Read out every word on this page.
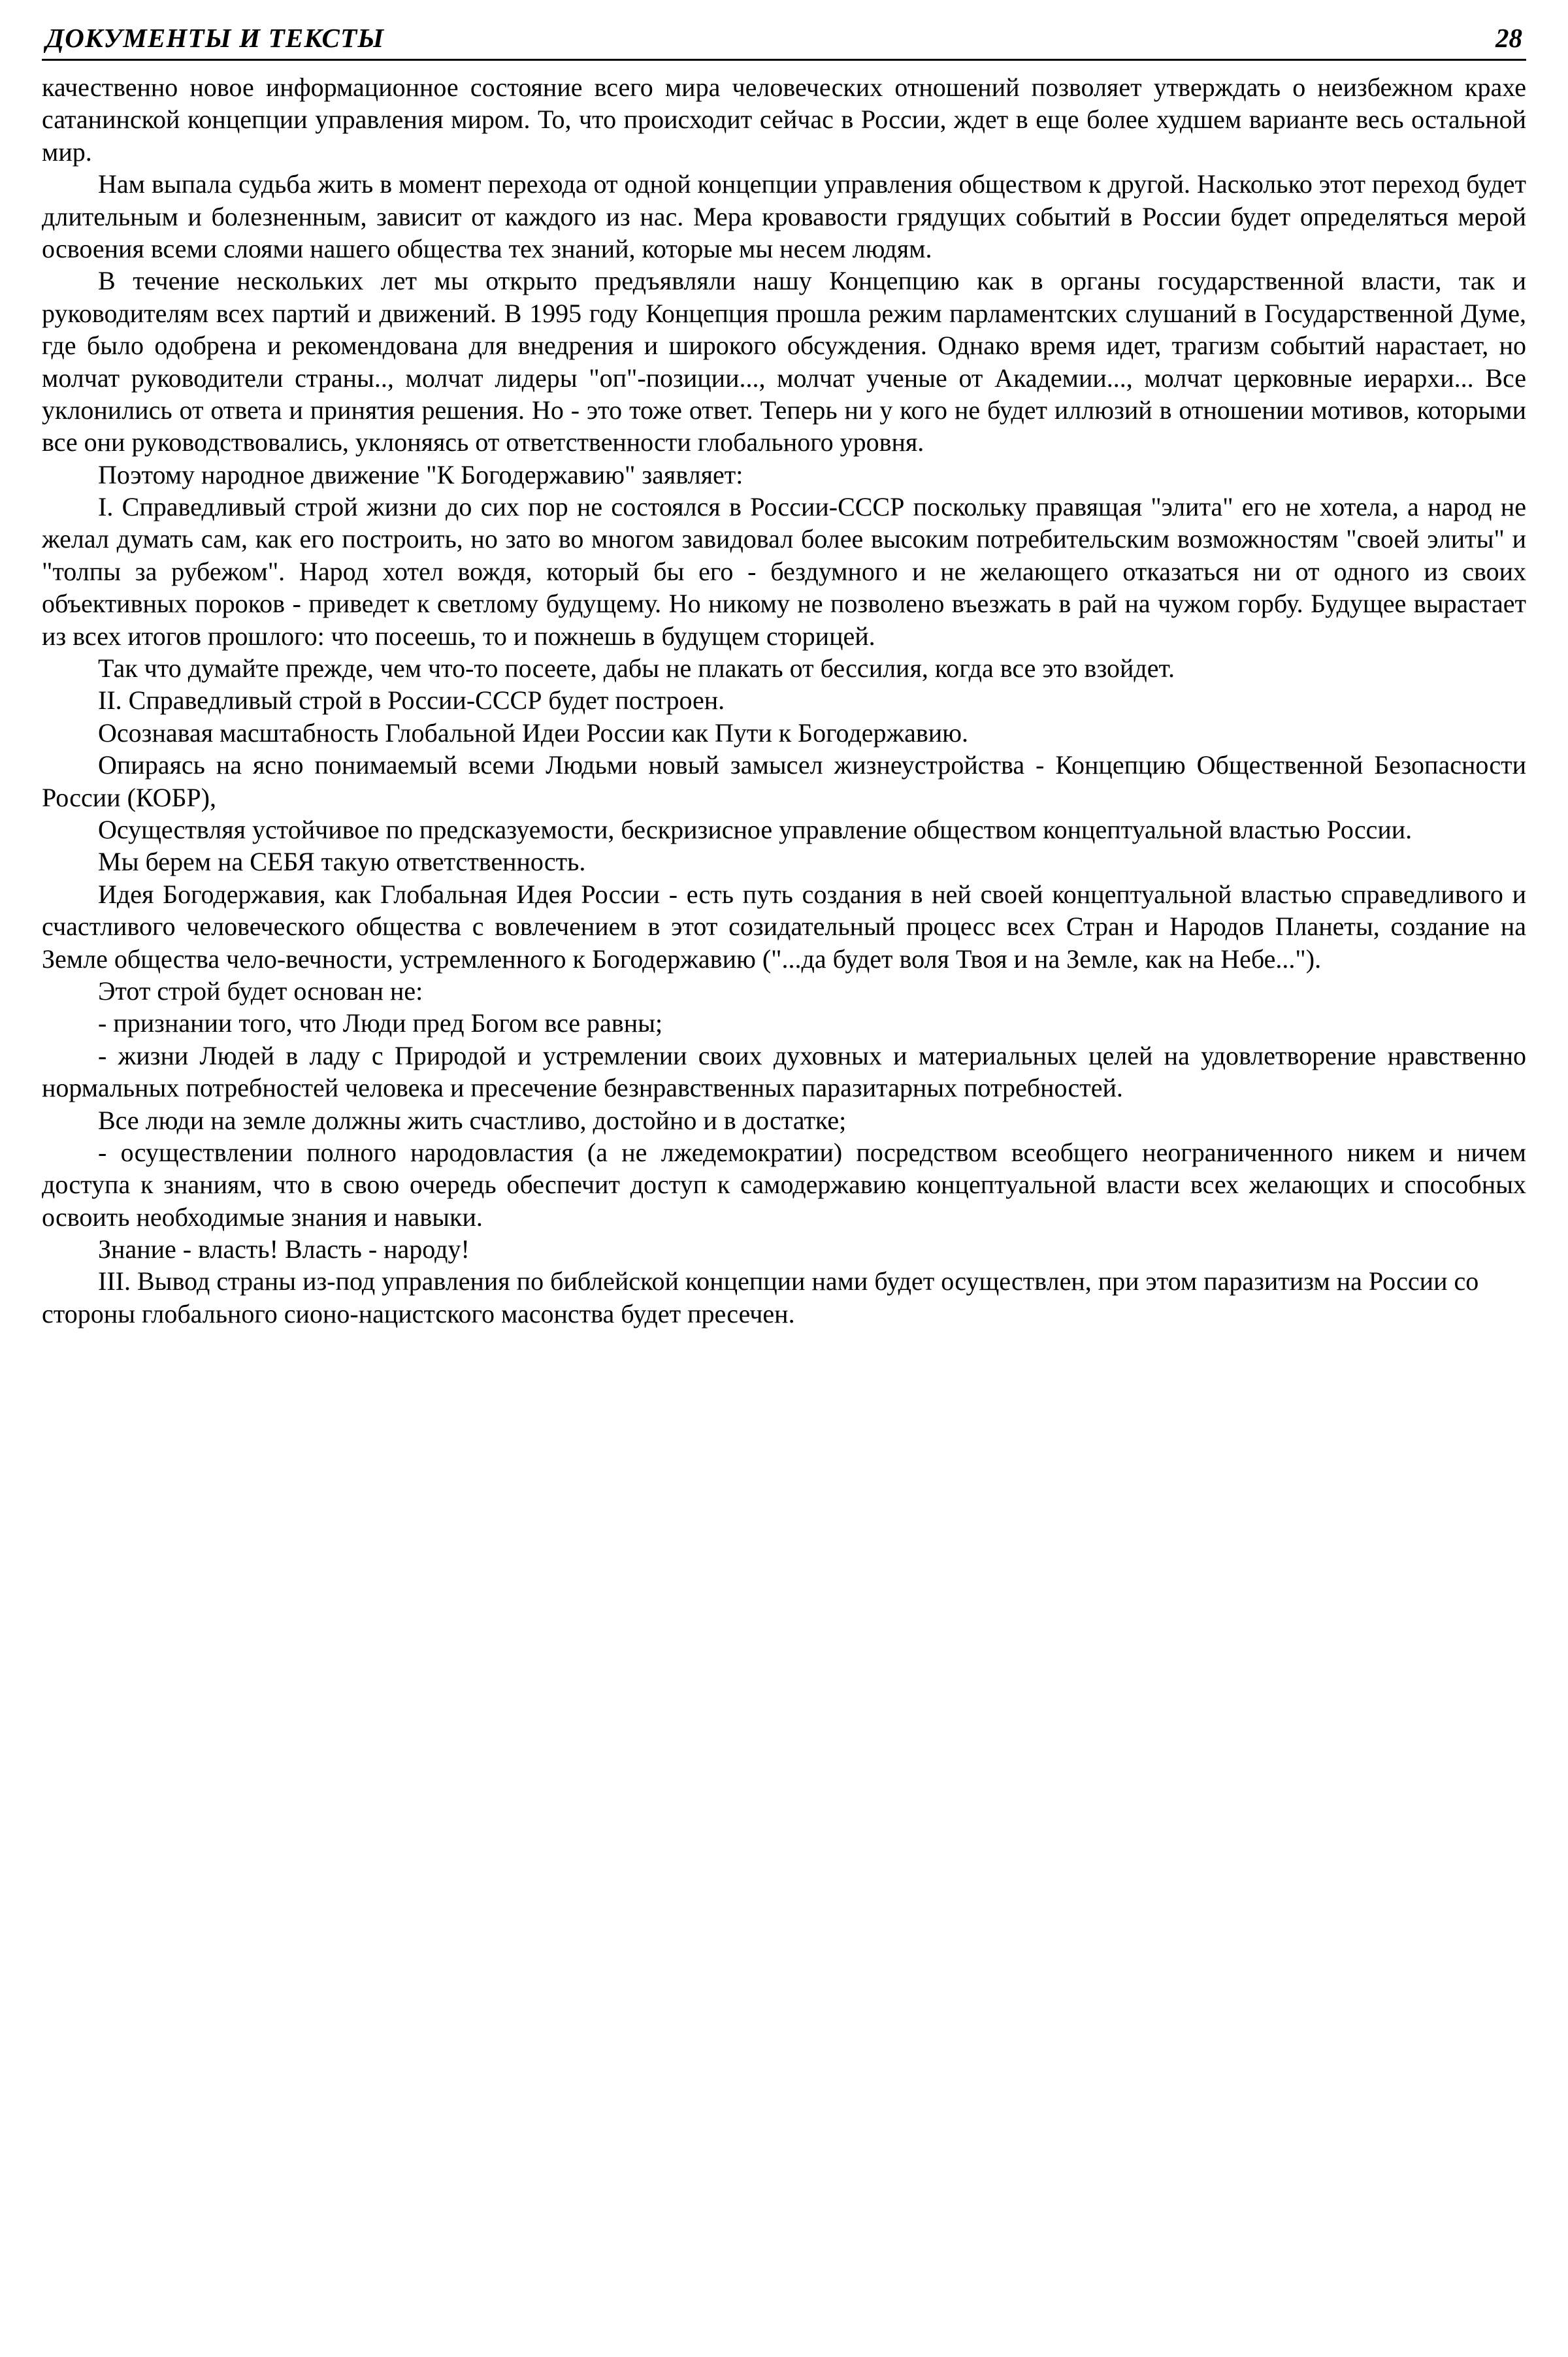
ДОКУМЕНТЫ И ТЕКСТЫ	28

качественно новое информационное состояние всего мира человеческих отношений позволяет утверждать о неизбежном крахе сатанинской концепции управления миром. То, что происходит сейчас в России, ждет в еще более худшем варианте весь остальной мир.

Нам выпала судьба жить в момент перехода от одной концепции управления обществом к другой. Насколько этот переход будет длительным и болезненным, зависит от каждого из нас. Мера кровавости грядущих событий в России будет определяться мерой освоения всеми слоями нашего общества тех знаний, которые мы несем людям.

В течение нескольких лет мы открыто предъявляли нашу Концепцию как в органы государственной власти, так и руководителям всех партий и движений. В 1995 году Концепция прошла режим парламентских слушаний в Государственной Думе, где было одобрена и рекомендована для внедрения и широкого обсуждения. Однако время идет, трагизм событий нарастает, но молчат руководители страны.., молчат лидеры "оп"-позиции..., молчат ученые от Академии..., молчат церковные иерархи... Все уклонились от ответа и принятия решения. Но - это тоже ответ. Теперь ни у кого не будет иллюзий в отношении мотивов, которыми все они руководствовались, уклоняясь от ответственности глобального уровня.

Поэтому народное движение "К Богодержавию" заявляет:

I. Справедливый строй жизни до сих пор не состоялся в России-СССР поскольку правящая "элита" его не хотела, а народ не желал думать сам, как его построить, но зато во многом завидовал более высоким потребительским возможностям "своей элиты" и "толпы за рубежом". Народ хотел вождя, который бы его - бездумного и не желающего отказаться ни от одного из своих объективных пороков - приведет к светлому будущему. Но никому не позволено въезжать в рай на чужом горбу. Будущее вырастает из всех итогов прошлого: что посеешь, то и пожнешь в будущем сторицей.

Так что думайте прежде, чем что-то посеете, дабы не плакать от бессилия, когда все это взойдет.

II. Справедливый строй в России-СССР будет построен.

Осознавая масштабность Глобальной Идеи России как Пути к Богодержавию.

Опираясь на ясно понимаемый всеми Людьми новый замысел жизнеустройства - Концепцию Общественной Безопасности России (КОБР),

Осуществляя устойчивое по предсказуемости, бескризисное управление обществом концептуальной властью России.

Мы берем на СЕБЯ такую ответственность.

Идея Богодержавия, как Глобальная Идея России - есть путь создания в ней своей концептуальной властью справедливого и счастливого человеческого общества с вовлечением в этот созидательный процесс всех Стран и Народов Планеты, создание на Земле общества чело-вечности, устремленного к Богодержавию ("...да будет воля Твоя и на Земле, как на Небе...").

Этот строй будет основан не:

- признании того, что Люди пред Богом все равны;

- жизни Людей в ладу с Природой и устремлении своих духовных и материальных целей на удовлетворение нравственно нормальных потребностей человека и пресечение безнравственных паразитарных потребностей.

Все люди на земле должны жить счастливо, достойно и в достатке;

- осуществлении полного народовластия (а не лжедемократии) посредством всеобщего неограниченного никем и ничем доступа к знаниям, что в свою очередь обеспечит доступ к самодержавию концептуальной власти всех желающих и способных освоить необходимые знания и навыки.

Знание - власть! Власть - народу!

III. Вывод страны из-под управления по библейской концепции нами будет осуществлен, при этом паразитизм на России со стороны глобального сионо-нацистского масонства будет пресечен.
